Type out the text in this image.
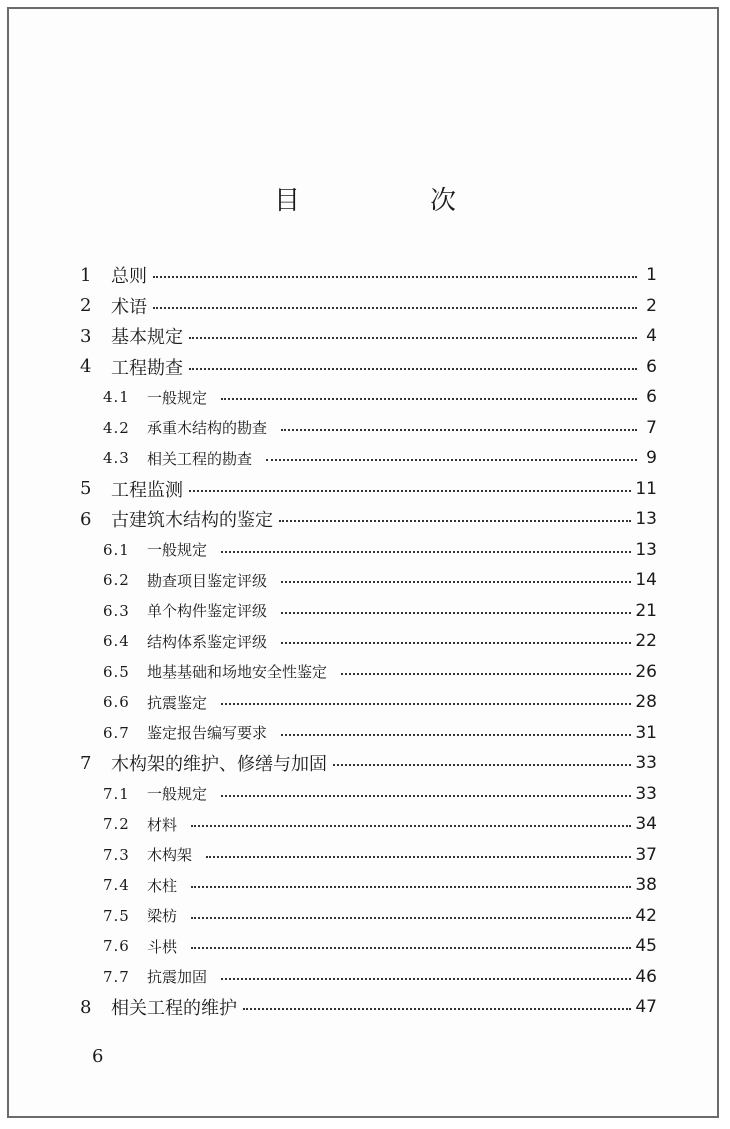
目　次
1	总则	1
2	术语	2
3	基本规定	4
4	工程勘查	6
4.1	一般规定	6
4.2	承重木结构的勘查	7
4.3	相关工程的勘查	9
5	工程监测	11
6	古建筑木结构的鉴定	13
6.1	一般规定	13
6.2	勘查项目鉴定评级	14
6.3	单个构件鉴定评级	21
6.4	结构体系鉴定评级	22
6.5	地基基础和场地安全性鉴定	26
6.6	抗震鉴定	28
6.7	鉴定报告编写要求	31
7	木构架的维护、修缮与加固	33
7.1	一般规定	33
7.2	材料	34
7.3	木构架	37
7.4	木柱	38
7.5	梁枋	42
7.6	斗栱	45
7.7	抗震加固	46
8	相关工程的维护	47
6
